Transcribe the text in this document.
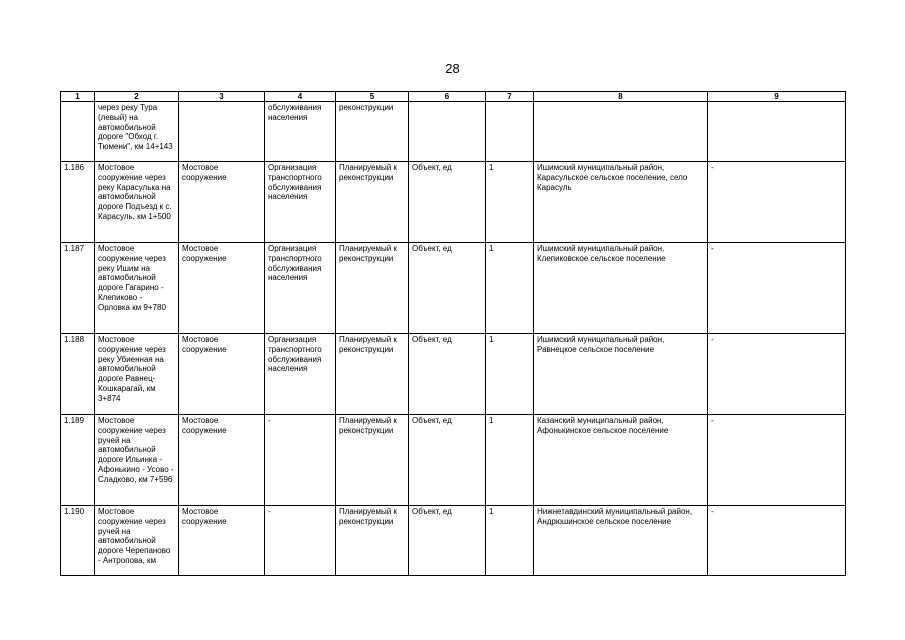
28
1	2	3	4	5	6	7	8	9
	через реку Тура (левый) на автомобильной дороге "Обход г. Тюмени", км 14+143		обслуживания населения	реконструкции				
1.186	Мостовое сооружение через реку Карасулька на автомобильной дороге Подъезд к с. Карасуль, км 1+500	Мостовое сооружение	Организация транспортного обслуживания населения	Планируемый к реконструкции	Объект, ед	1	Ишимский муниципальный район, Карасульское сельское поселение, село Карасуль	-
1.187	Мостовое сооружение через реку Ишим на автомобильной дороге Гагарино - Клепиково - Орловка км 9+780	Мостовое сооружение	Организация транспортного обслуживания населения	Планируемый к реконструкции	Объект, ед	1	Ишимский муниципальный район, Клепиковское сельское поселение	-
1.188	Мостовое сооружение через реку Убиенная на автомобильной дороге Равнец-Кошкарагай, км 3+874	Мостовое сооружение	Организация транспортного обслуживания населения	Планируемый к реконструкции	Объект, ед	1	Ишимский муниципальный район, Равнецкое сельское поселение	-
1.189	Мостовое сооружение через ручей на автомобильной дороге Ильинка - Афонькино - Усово - Сладково, км 7+596	Мостовое сооружение	-	Планируемый к реконструкции	Объект, ед	1	Казанский муниципальный район, Афонькинское сельское поселение	-
1.190	Мостовое сооружение через ручей на автомобильной дороге Черепаново - Антропова, км	Мостовое сооружение	-	Планируемый к реконструкции	Объект, ед	1	Нижнетавдинский муниципальный район, Андрюшинское сельское поселение	-
